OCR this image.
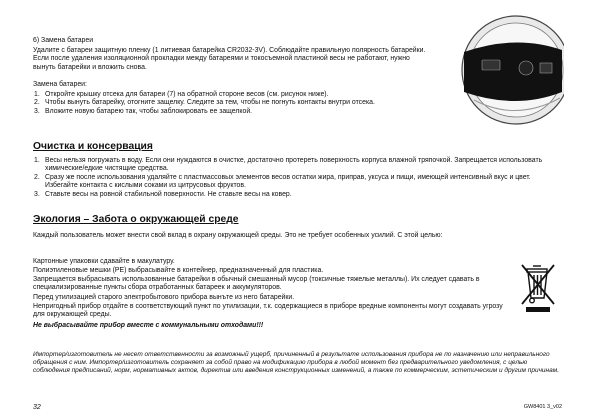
6) Замена батареи

Удалите с батареи защитную пленку (1 литиевая батарейка CR2032-3V). Соблюдайте правильную полярность батарейки. Если после удаления изоляционной прокладки между батареями и токосъемной пластиной весы не работают, нужно вынуть батарейки и вложить снова.

Замена батареи:

1. Откройте крышку отсека для батареи (7) на обратной стороне весов (см. рисунок ниже).
2. Чтобы вынуть батарейку, отогните защелку. Следите за тем, чтобы не погнуть контакты внутри отсека.
3. Вложите новую батарею так, чтобы заблокировать ее защелкой.

Очистка и консервация

1. Весы нельзя погружать в воду. Если они нуждаются в очистке, достаточно протереть поверхность корпуса влажной тряпочкой. Запрещается использовать химические/едкие чистящие средства.
2. Сразу же после использования удаляйте с пластмассовых элементов весов остатки жира, приправ, уксуса и пищи, имеющей интенсивный вкус и цвет. Избегайте контакта с кислыми соками из цитрусовых фруктов.
3. Ставьте весы на ровной стабильной поверхности. Не ставьте весы на ковер.

Экология – Забота о окружающей среде

Каждый пользователь может внести свой вклад в охрану окружающей среды. Это не требует особенных усилий. С этой целью:

Картонные упаковки сдавайте в макулатуру.

Полиэтиленовые мешки (PE) выбрасывайте в контейнер, предназначенный для пластика.

Запрещается выбрасывать использованные батарейки в обычный смешанный мусор (токсичные тяжелые металлы). Их следует сдавать в специализированные пункты сбора отработанных батареек и аккумуляторов.

Перед утилизацией старого электробытового прибора вынъте из него батарейки.

Непригодный прибор отдайте в соответствующий пункт по утилизации, т.к. содержащиеся в приборе вредные компоненты могут создавать угрозу для окружающей среды.

Не выбрасывайте прибор вместе с коммунальными отходами!!!

Импортер/изготовитель не несет ответственности за возможный ущерб, причиненный в результате использования прибора не по назначению или неправильного обращения с ним. Импортер/изготовитель сохраняет за собой право на модификацию прибора в любой момент без предварительного уведомления, с целью соблюдения предписаний, норм, нормативных актов, директив или введения конструкционных изменений, а также по коммерческим, эстетическим и другим причинам.

32	GW8401 3_v02
